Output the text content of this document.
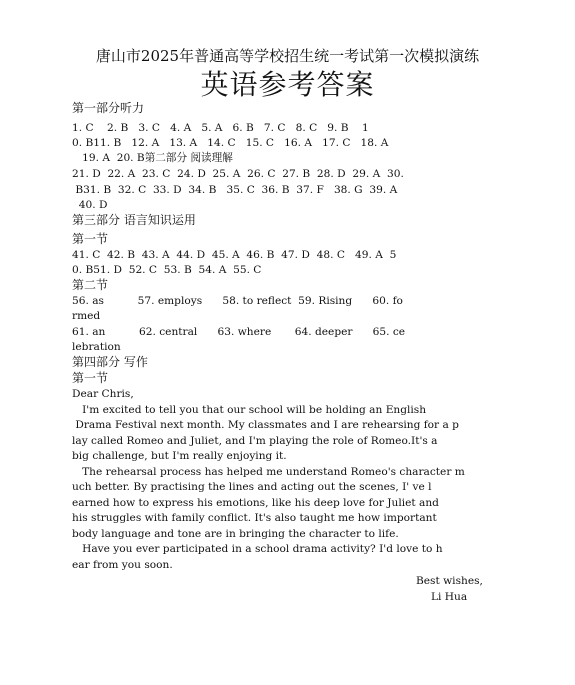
唐山市2025年普通高等学校招生统一考试第一次模拟演练
英语参考答案
第一部分听力
1. C    2. B   3. C   4. A   5. A   6. B   7. C   8. C   9. B    1
0. B11. B   12. A   13. A   14. C   15. C   16. A   17. C   18. A
19. A  20. B第二部分 阅读理解
21. D  22. A  23. C  24. D  25. A  26. C  27. B  28. D  29. A  30.
B31. B  32. C  33. D  34. B   35. C  36. B  37. F   38. G  39. A
40. D
第三部分 语言知识运用
第一节
41. C  42. B  43. A  44. D  45. A  46. B  47. D  48. C   49. A  5
0. B51. D  52. C  53. B  54. A  55. C
第二节
56. as          57. employs      58. to reflect  59. Rising      60. fo
rmed
61. an          62. central      63. where       64. deeper      65. ce
lebration
第四部分 写作
第一节
Dear Chris,
I'm excited to tell you that our school will be holding an English
Drama Festival next month. My classmates and I are rehearsing for a p
lay called Romeo and Juliet, and I'm playing the role of Romeo.It's a
big challenge, but I'm really enjoying it.
The rehearsal process has helped me understand Romeo's character m
uch better. By practising the lines and acting out the scenes, I' ve l
earned how to express his emotions, like his deep love for Juliet and
his struggles with family conflict. It's also taught me how important
body language and tone are in bringing the character to life.
Have you ever participated in a school drama activity? I'd love to h
ear from you soon.
Best wishes,
Li Hua
